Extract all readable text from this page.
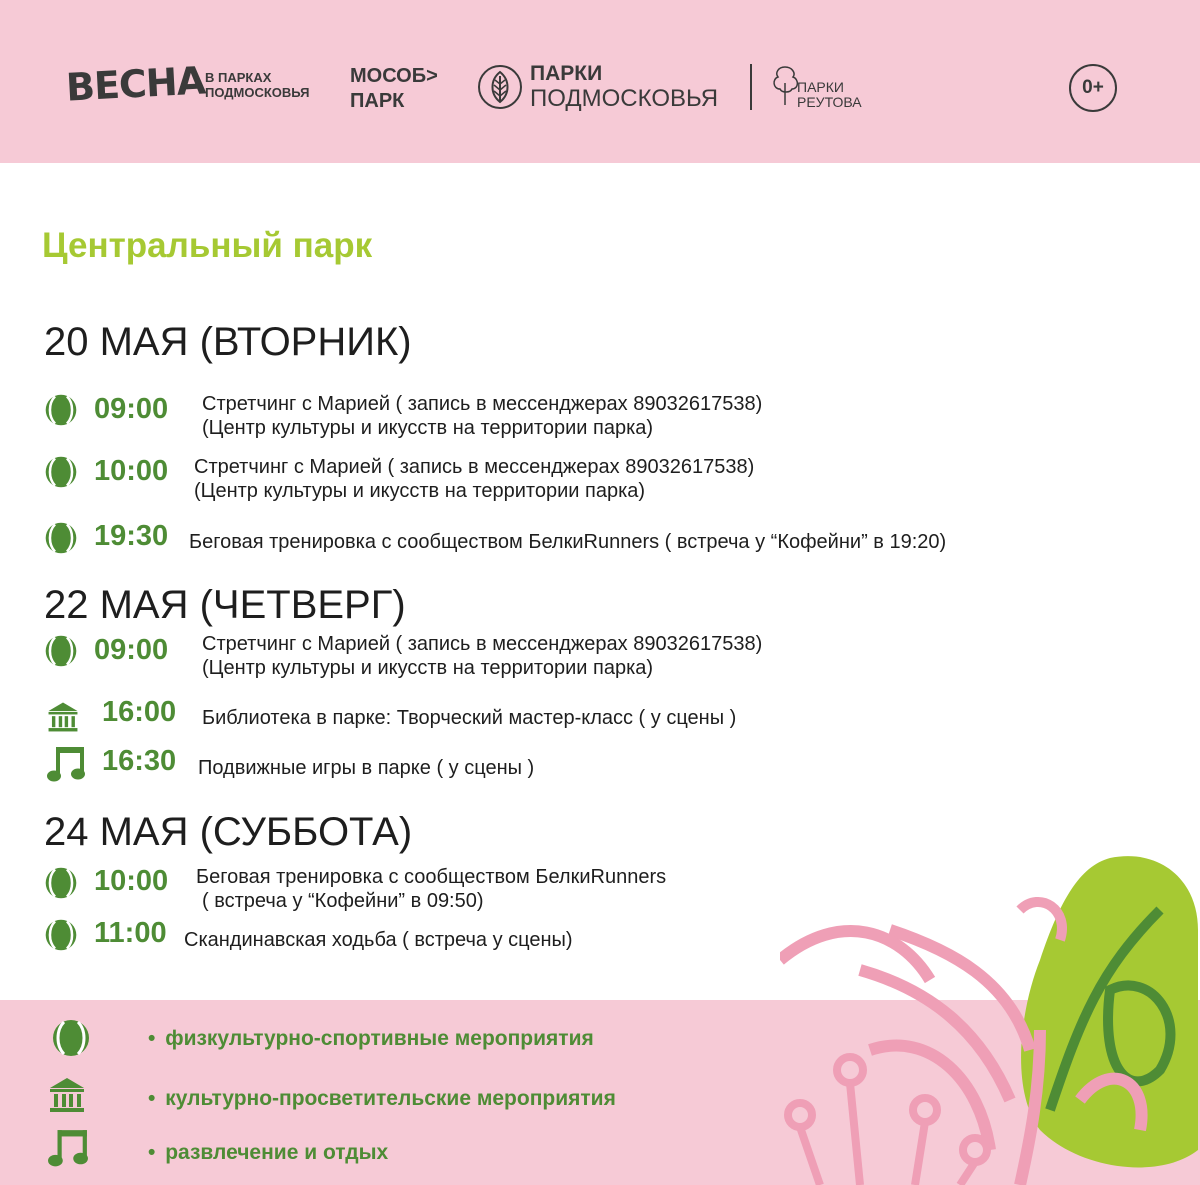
ВЕСНА
В ПАРКАХ
ПОДМОСКОВЬЯ
МОСОБ>
ПАРК
ПАРКИ
ПОДМОСКОВЬЯ	ПАРКИ
РЕУТОВА
0+
Центральный парк
20 МАЯ (ВТОРНИК)
09:00 Стретчинг с Марией ( запись в мессенджерах 89032617538)
(Центр культуры и икусств на территории парка)
10:00 Стретчинг с Марией ( запись в мессенджерах 89032617538)
(Центр культуры и икусств на территории парка)
19:30 Беговая тренировка с сообществом БелкиRunners ( встреча у “Кофейни” в 19:20)
22 МАЯ (ЧЕТВЕРГ)
09:00 Стретчинг с Марией ( запись в мессенджерах 89032617538)
(Центр культуры и икусств на территории парка)
16:00 Библиотека в парке: Творческий мастер-класс ( у сцены )
16:30 Подвижные игры в парке ( у сцены )
24 МАЯ (СУББОТА)
10:00 Беговая тренировка с сообществом БелкиRunners
( встреча у “Кофейни” в 09:50)
11:00 Скандинавская ходьба ( встреча у сцены)
• физкультурно-спортивные мероприятия
• культурно-просветительские мероприятия
• развлечение и отдых
